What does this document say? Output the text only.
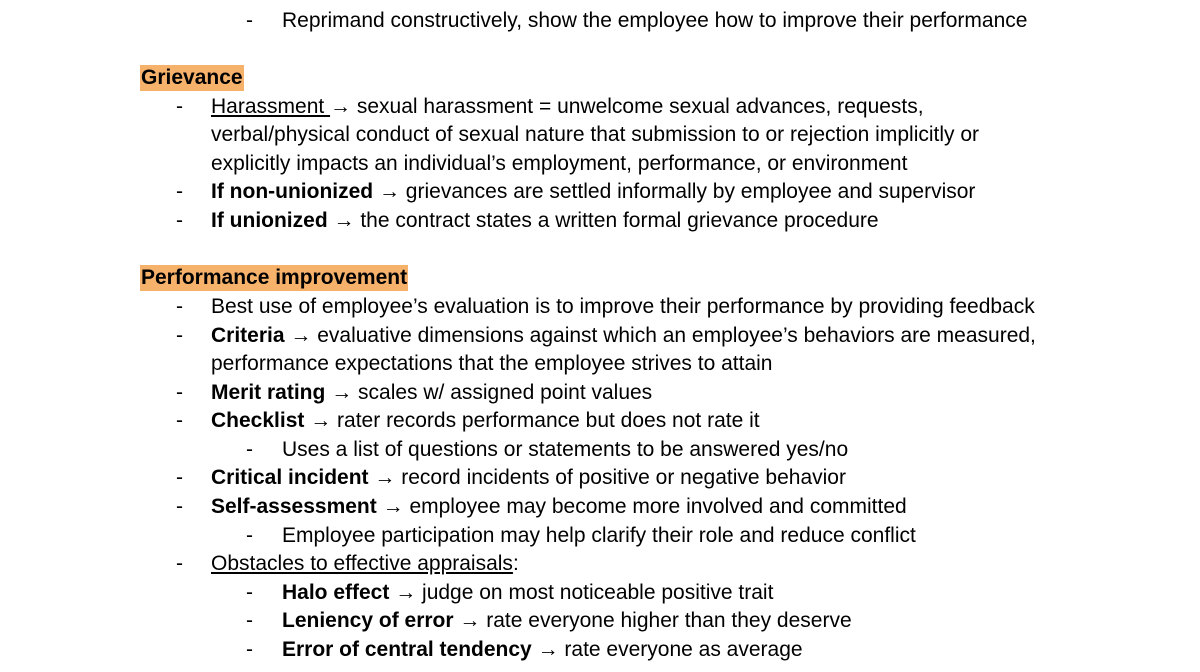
- Reprimand constructively, show the employee how to improve their performance
Grievance
- Harassment → sexual harassment = unwelcome sexual advances, requests,
verbal/physical conduct of sexual nature that submission to or rejection implicitly or
explicitly impacts an individual’s employment, performance, or environment
- If non-unionized → grievances are settled informally by employee and supervisor
- If unionized → the contract states a written formal grievance procedure
Performance improvement
- Best use of employee’s evaluation is to improve their performance by providing feedback
- Criteria → evaluative dimensions against which an employee’s behaviors are measured,
performance expectations that the employee strives to attain
- Merit rating → scales w/ assigned point values
- Checklist → rater records performance but does not rate it
- Uses a list of questions or statements to be answered yes/no
- Critical incident → record incidents of positive or negative behavior
- Self-assessment → employee may become more involved and committed
- Employee participation may help clarify their role and reduce conflict
- Obstacles to effective appraisals:
- Halo effect → judge on most noticeable positive trait
- Leniency of error → rate everyone higher than they deserve
- Error of central tendency → rate everyone as average
